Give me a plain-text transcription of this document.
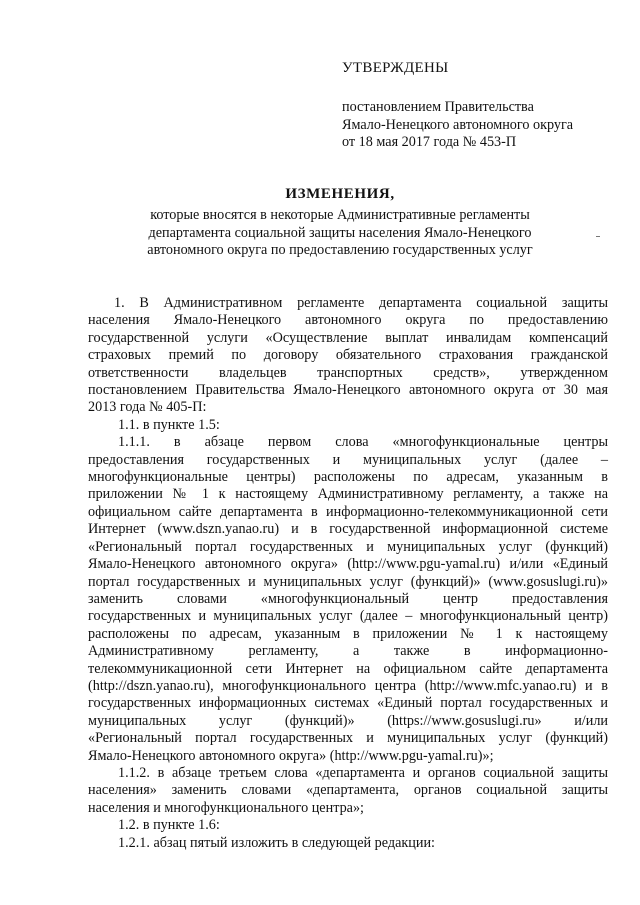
УТВЕРЖДЕНЫ
постановлением Правительства
Ямало-Ненецкого автономного округа
от 18 мая 2017 года № 453-П
ИЗМЕНЕНИЯ,
которые вносятся в некоторые Административные регламенты
департамента социальной защиты населения Ямало-Ненецкого
автономного округа по предоставлению государственных услуг

1. В Административном регламенте департамента социальной защиты
населения Ямало-Ненецкого автономного округа по предоставлению
государственной услуги «Осуществление выплат инвалидам компенсаций
страховых премий по договору обязательного страхования гражданской
ответственности владельцев транспортных средств», утвержденном
постановлением Правительства Ямало-Ненецкого автономного округа от 30 мая
2013 года № 405-П:

1.1. в пункте 1.5:

1.1.1. в абзаце первом слова «многофункциональные центры
предоставления государственных и муниципальных услуг (далее –
многофункциональные центры) расположены по адресам, указанным в
приложении № 1 к настоящему Административному регламенту, а также на
официальном сайте департамента в информационно-телекоммуникационной сети
Интернет (www.dszn.yanao.ru) и в государственной информационной системе
«Региональный портал государственных и муниципальных услуг (функций)
Ямало-Ненецкого автономного округа» (http://www.pgu-yamal.ru) и/или «Единый
портал государственных и муниципальных услуг (функций)» (www.gosuslugi.ru)»
заменить словами «многофункциональный центр предоставления
государственных и муниципальных услуг (далее – многофункциональный центр)
расположены по адресам, указанным в приложении № 1 к настоящему
Административному регламенту, а также в информационно-
телекоммуникационной сети Интернет на официальном сайте департамента
(http://dszn.yanao.ru), многофункционального центра (http://www.mfc.yanao.ru) и в
государственных информационных системах «Единый портал государственных и
муниципальных услуг (функций)» (https://www.gosuslugi.ru» и/или
«Региональный портал государственных и муниципальных услуг (функций)
Ямало-Ненецкого автономного округа» (http://www.pgu-yamal.ru)»;

1.1.2. в абзаце третьем слова «департамента и органов социальной защиты
населения» заменить словами «департамента, органов социальной защиты
населения и многофункционального центра»;

1.2. в пункте 1.6:

1.2.1. абзац пятый изложить в следующей редакции:
